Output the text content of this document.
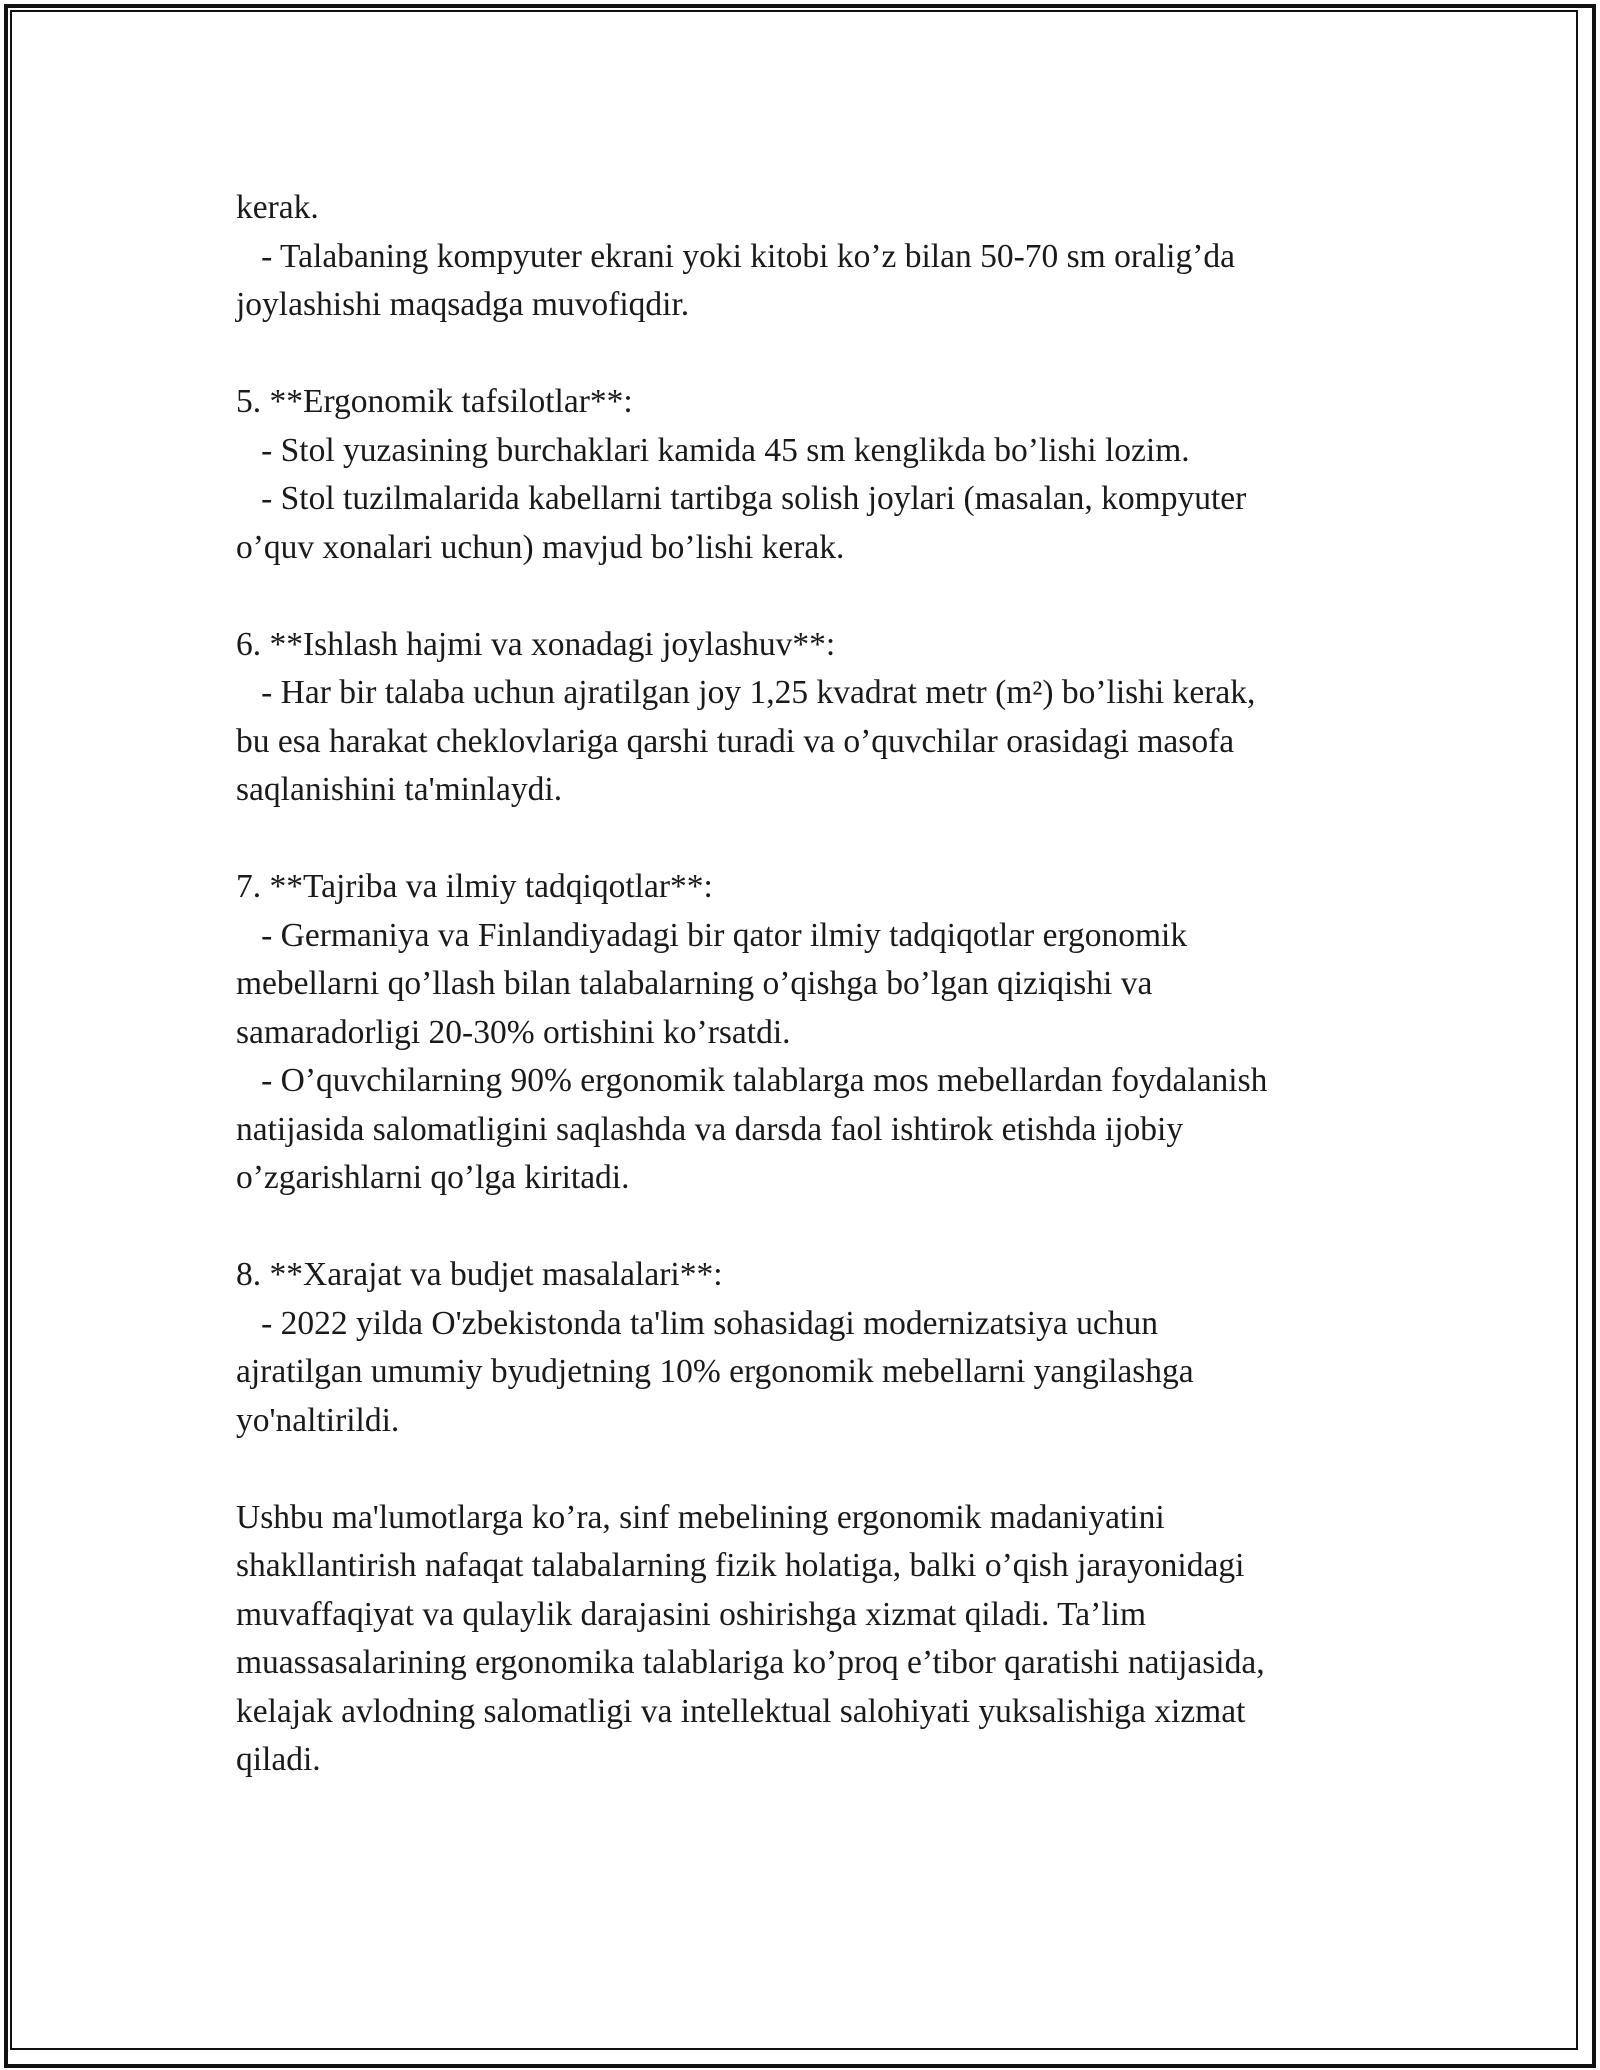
kerak.
- Talabaning kompyuter ekrani yoki kitobi ko’z bilan 50-70 sm oralig’da
joylashishi maqsadga muvofiqdir.
5. **Ergonomik tafsilotlar**:
- Stol yuzasining burchaklari kamida 45 sm kenglikda bo’lishi lozim.
- Stol tuzilmalarida kabellarni tartibga solish joylari (masalan, kompyuter
o’quv xonalari uchun) mavjud bo’lishi kerak.
6. **Ishlash hajmi va xonadagi joylashuv**:
- Har bir talaba uchun ajratilgan joy 1,25 kvadrat metr (m²) bo’lishi kerak,
bu esa harakat cheklovlariga qarshi turadi va o’quvchilar orasidagi masofa
saqlanishini ta'minlaydi.
7. **Tajriba va ilmiy tadqiqotlar**:
- Germaniya va Finlandiyadagi bir qator ilmiy tadqiqotlar ergonomik
mebellarni qo’llash bilan talabalarning o’qishga bo’lgan qiziqishi va
samaradorligi 20-30% ortishini ko’rsatdi.
- O’quvchilarning 90% ergonomik talablarga mos mebellardan foydalanish
natijasida salomatligini saqlashda va darsda faol ishtirok etishda ijobiy
o’zgarishlarni qo’lga kiritadi.
8. **Xarajat va budjet masalalari**:
- 2022 yilda O'zbekistonda ta'lim sohasidagi modernizatsiya uchun
ajratilgan umumiy byudjetning 10% ergonomik mebellarni yangilashga
yo'naltirildi.
Ushbu ma'lumotlarga ko’ra, sinf mebelining ergonomik madaniyatini
shakllantirish nafaqat talabalarning fizik holatiga, balki o’qish jarayonidagi
muvaffaqiyat va qulaylik darajasini oshirishga xizmat qiladi. Ta’lim
muassasalarining ergonomika talablariga ko’proq e’tibor qaratishi natijasida,
kelajak avlodning salomatligi va intellektual salohiyati yuksalishiga xizmat
qiladi.
